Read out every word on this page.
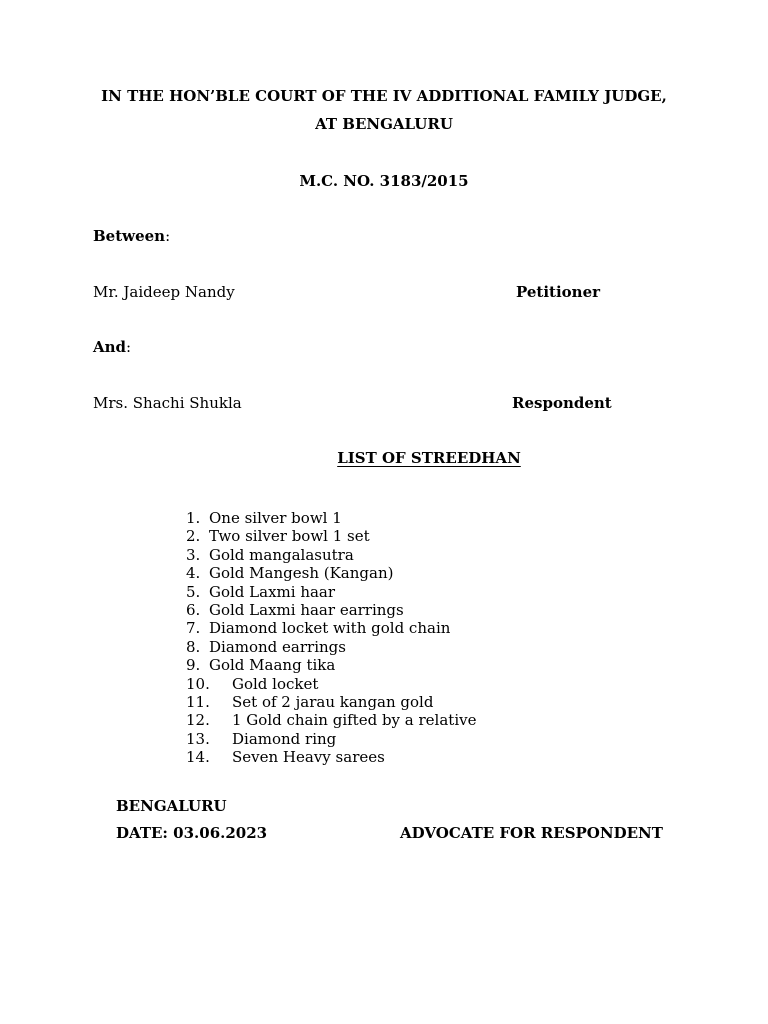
IN THE HON’BLE COURT OF THE IV ADDITIONAL FAMILY JUDGE,
AT BENGALURU
M.C. NO. 3183/2015
Between:
Mr. Jaideep Nandy	Petitioner
And:
Mrs. Shachi Shukla	Respondent
LIST OF STREEDHAN
1. One silver bowl 1
2. Two silver bowl 1 set
3. Gold mangalasutra
4. Gold Mangesh (Kangan)
5. Gold Laxmi haar
6. Gold Laxmi haar earrings
7. Diamond locket with gold chain
8. Diamond earrings
9. Gold Maang tika
10.	Gold locket
11.	Set of 2 jarau kangan gold
12.	1 Gold chain gifted by a relative
13.	Diamond ring
14.	Seven Heavy sarees
BENGALURU
DATE: 03.06.2023	ADVOCATE FOR RESPONDENT
